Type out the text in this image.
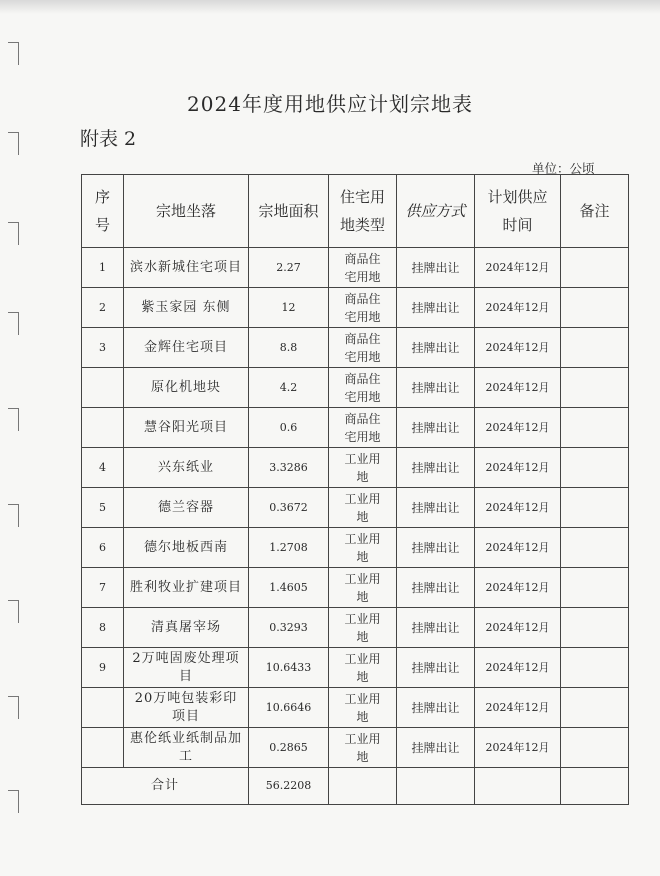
2024年度用地供应计划宗地表
附表 2
单位：公顷
序号	宗地坐落	宗地面积	住宅用地类型	供应方式	计划供应时间	备注
1	滨水新城住宅项目	2.27	商品住宅用地	挂牌出让	2024年12月	
2	紫玉家园 东侧	12	商品住宅用地	挂牌出让	2024年12月	
3	金辉住宅项目	8.8	商品住宅用地	挂牌出让	2024年12月	
	原化机地块	4.2	商品住宅用地	挂牌出让	2024年12月	
	慧谷阳光项目	0.6	商品住宅用地	挂牌出让	2024年12月	
4	兴东纸业	3.3286	工业用地	挂牌出让	2024年12月	
5	德兰容器	0.3672	工业用地	挂牌出让	2024年12月	
6	德尔地板西南	1.2708	工业用地	挂牌出让	2024年12月	
7	胜利牧业扩建项目	1.4605	工业用地	挂牌出让	2024年12月	
8	清真屠宰场	0.3293	工业用地	挂牌出让	2024年12月	
9	2万吨固废处理项目	10.6433	工业用地	挂牌出让	2024年12月	
	20万吨包装彩印项目	10.6646	工业用地	挂牌出让	2024年12月	
	惠伦纸业纸制品加工	0.2865	工业用地	挂牌出让	2024年12月	
合计		56.2208				
